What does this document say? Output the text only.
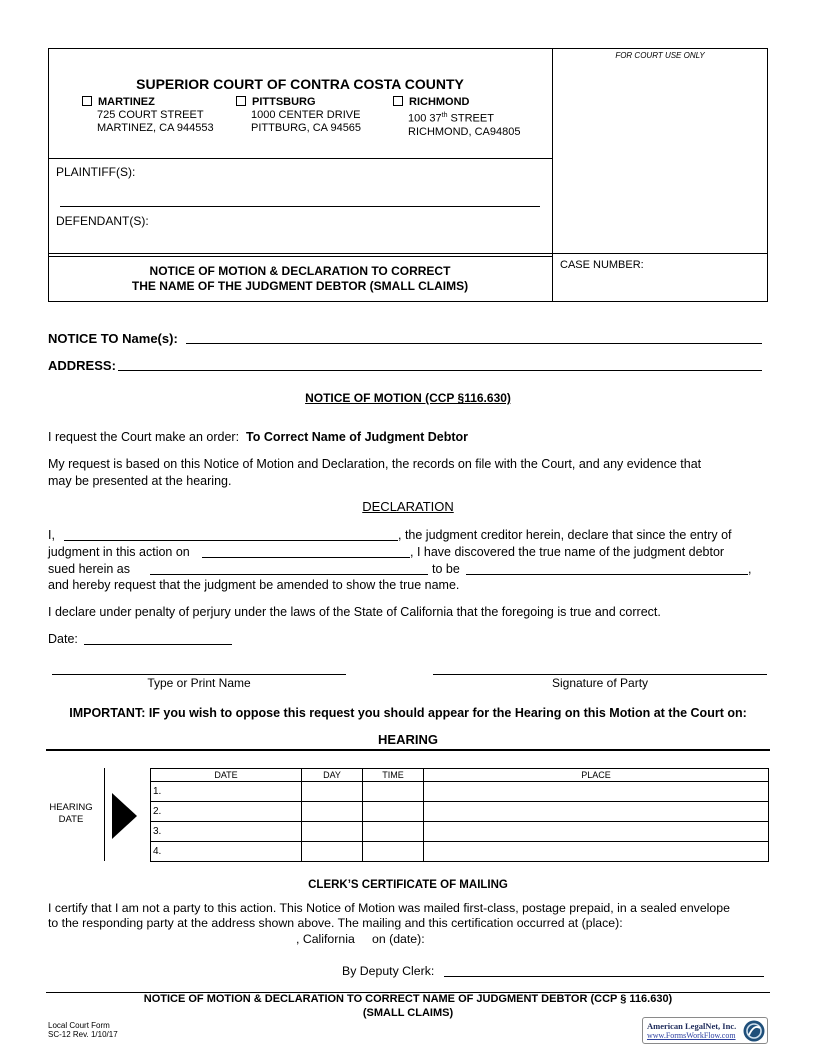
FOR COURT USE ONLY
SUPERIOR COURT OF CONTRA COSTA COUNTY
MARTINEZ
725 COURT STREET
MARTINEZ, CA 944553
PITTSBURG
1000 CENTER DRIVE
PITTBURG, CA 94565
RICHMOND
100 37th STREET
RICHMOND, CA94805
PLAINTIFF(S):
DEFENDANT(S):
NOTICE OF MOTION & DECLARATION TO CORRECT
THE NAME OF THE JUDGMENT DEBTOR (SMALL CLAIMS)
CASE NUMBER:
NOTICE TO Name(s):
ADDRESS:
NOTICE OF MOTION (CCP §116.630)
I request the Court make an order: To Correct Name of Judgment Debtor
My request is based on this Notice of Motion and Declaration, the records on file with the Court, and any evidence that
may be presented at the hearing.
DECLARATION
I,	, the judgment creditor herein, declare that since the entry of
judgment in this action on	, I have discovered the true name of the judgment debtor
sued herein as	to be	,
and hereby request that the judgment be amended to show the true name.
I declare under penalty of perjury under the laws of the State of California that the foregoing is true and correct.
Date:
Type or Print Name	Signature of Party
IMPORTANT: IF you wish to oppose this request you should appear for the Hearing on this Motion at the Court on:
HEARING
HEARING
DATE
DATE	DAY	TIME	PLACE
1.			
2.			
3.			
4.			
CLERK’S CERTIFICATE OF MAILING
I certify that I am not a party to this action. This Notice of Motion was mailed first-class, postage prepaid, in a sealed envelope
to the responding party at the address shown above. The mailing and this certification occurred at (place):
, California on (date):
By Deputy Clerk:
NOTICE OF MOTION & DECLARATION TO CORRECT NAME OF JUDGMENT DEBTOR (CCP § 116.630)
(SMALL CLAIMS)
Local Court Form
SC-12 Rev. 1/10/17
American LegalNet, Inc.
www.FormsWorkFlow.com
